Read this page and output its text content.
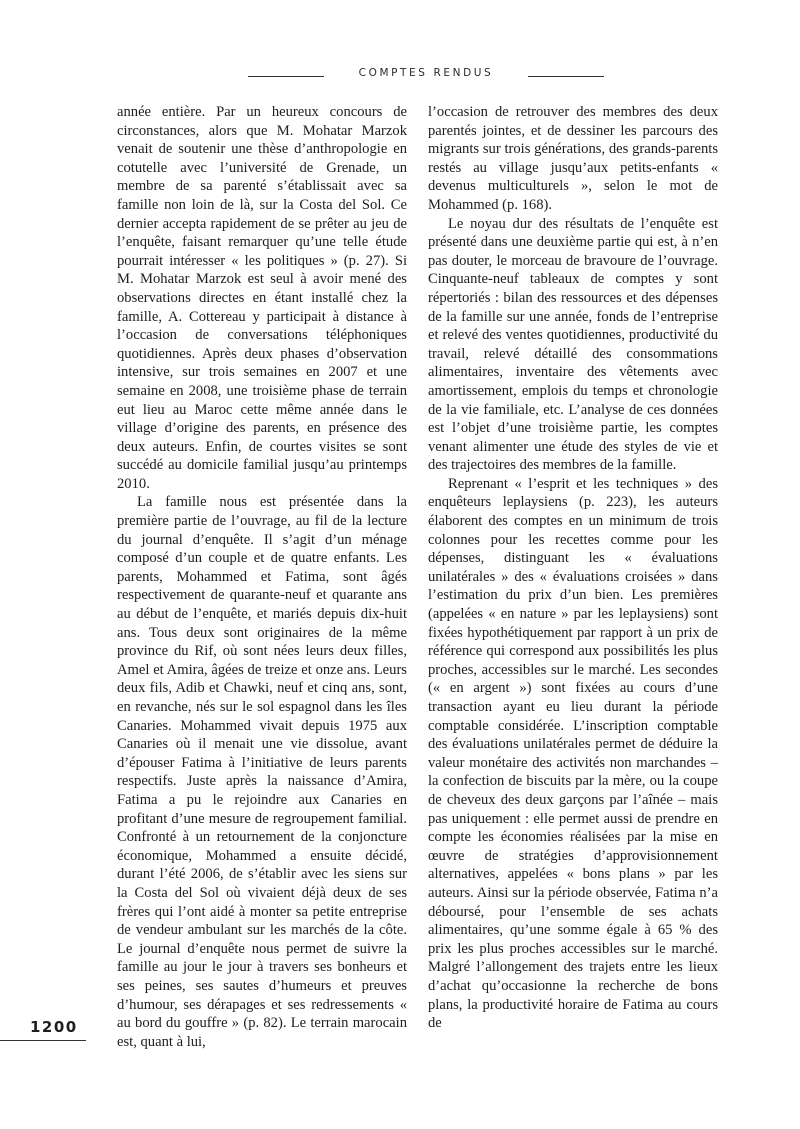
COMPTES RENDUS

année entière. Par un heureux concours de circonstances, alors que M. Mohatar Marzok venait de soutenir une thèse d’anthropologie en cotutelle avec l’université de Grenade, un membre de sa parenté s’établissait avec sa famille non loin de là, sur la Costa del Sol. Ce dernier accepta rapidement de se prêter au jeu de l’enquête, faisant remarquer qu’une telle étude pourrait intéresser « les politiques » (p. 27). Si M. Mohatar Marzok est seul à avoir mené des observations directes en étant installé chez la famille, A. Cottereau y participait à distance à l’occasion de conversations téléphoniques quotidiennes. Après deux phases d’observation intensive, sur trois semaines en 2007 et une semaine en 2008, une troisième phase de terrain eut lieu au Maroc cette même année dans le village d’origine des parents, en présence des deux auteurs. Enfin, de courtes visites se sont succédé au domicile familial jusqu’au printemps 2010.

La famille nous est présentée dans la première partie de l’ouvrage, au fil de la lecture du journal d’enquête. Il s’agit d’un ménage composé d’un couple et de quatre enfants. Les parents, Mohammed et Fatima, sont âgés respectivement de quarante-neuf et quarante ans au début de l’enquête, et mariés depuis dix-huit ans. Tous deux sont originaires de la même province du Rif, où sont nées leurs deux filles, Amel et Amira, âgées de treize et onze ans. Leurs deux fils, Adib et Chawki, neuf et cinq ans, sont, en revanche, nés sur le sol espagnol dans les îles Canaries. Mohammed vivait depuis 1975 aux Canaries où il menait une vie dissolue, avant d’épouser Fatima à l’initiative de leurs parents respectifs. Juste après la naissance d’Amira, Fatima a pu le rejoindre aux Canaries en profitant d’une mesure de regroupement familial. Confronté à un retournement de la conjoncture économique, Mohammed a ensuite décidé, durant l’été 2006, de s’établir avec les siens sur la Costa del Sol où vivaient déjà deux de ses frères qui l’ont aidé à monter sa petite entreprise de vendeur ambulant sur les marchés de la côte. Le journal d’enquête nous permet de suivre la famille au jour le jour à travers ses bonheurs et ses peines, ses sautes d’humeurs et preuves d’humour, ses dérapages et ses redressements « au bord du gouffre » (p. 82). Le terrain marocain est, quant à lui,

l’occasion de retrouver des membres des deux parentés jointes, et de dessiner les parcours des migrants sur trois générations, des grands-parents restés au village jusqu’aux petits-enfants « devenus multiculturels », selon le mot de Mohammed (p. 168).

Le noyau dur des résultats de l’enquête est présenté dans une deuxième partie qui est, à n’en pas douter, le morceau de bravoure de l’ouvrage. Cinquante-neuf tableaux de comptes y sont répertoriés : bilan des ressources et des dépenses de la famille sur une année, fonds de l’entreprise et relevé des ventes quotidiennes, productivité du travail, relevé détaillé des consommations alimentaires, inventaire des vêtements avec amortissement, emplois du temps et chronologie de la vie familiale, etc. L’analyse de ces données est l’objet d’une troisième partie, les comptes venant alimenter une étude des styles de vie et des trajectoires des membres de la famille.

Reprenant « l’esprit et les techniques » des enquêteurs leplaysiens (p. 223), les auteurs élaborent des comptes en un minimum de trois colonnes pour les recettes comme pour les dépenses, distinguant les « évaluations unilatérales » des « évaluations croisées » dans l’estimation du prix d’un bien. Les premières (appelées « en nature » par les leplaysiens) sont fixées hypothétiquement par rapport à un prix de référence qui correspond aux possibilités les plus proches, accessibles sur le marché. Les secondes (« en argent ») sont fixées au cours d’une transaction ayant eu lieu durant la période comptable considérée. L’inscription comptable des évaluations unilatérales permet de déduire la valeur monétaire des activités non marchandes – la confection de biscuits par la mère, ou la coupe de cheveux des deux garçons par l’aînée – mais pas uniquement : elle permet aussi de prendre en compte les économies réalisées par la mise en œuvre de stratégies d’approvisionnement alternatives, appelées « bons plans » par les auteurs. Ainsi sur la période observée, Fatima n’a déboursé, pour l’ensemble de ses achats alimentaires, qu’une somme égale à 65 % des prix les plus proches accessibles sur le marché. Malgré l’allongement des trajets entre les lieux d’achat qu’occasionne la recherche de bons plans, la productivité horaire de Fatima au cours de

1200
